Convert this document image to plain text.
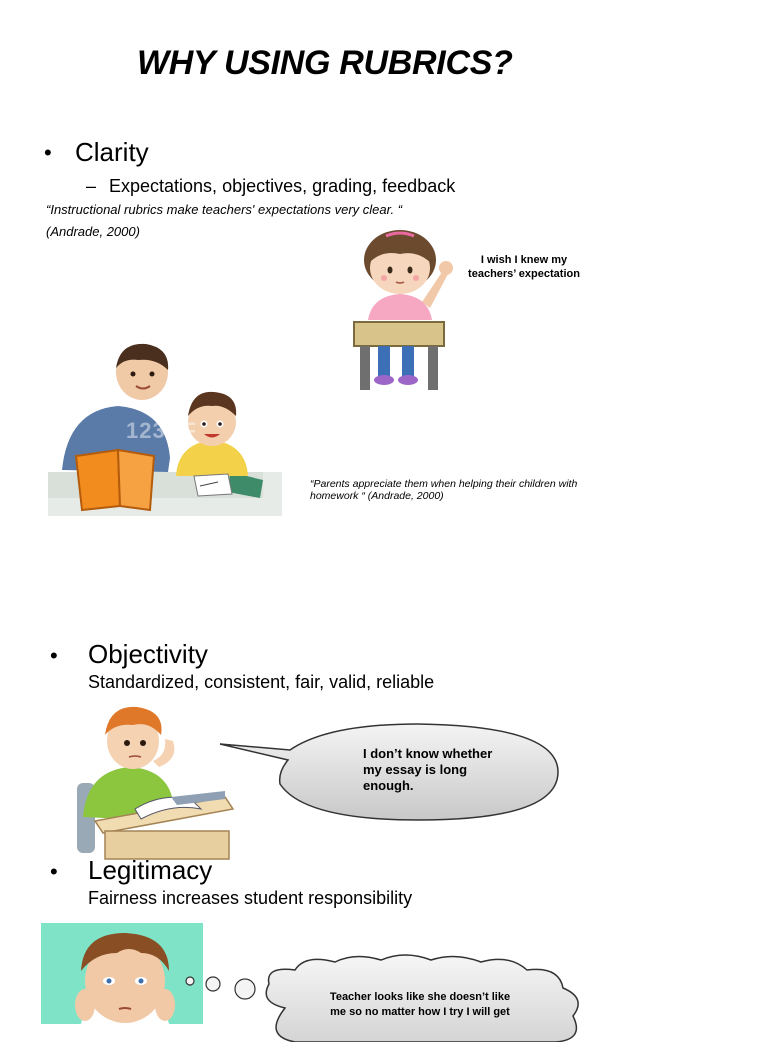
WHY USING RUBRICS?
• Clarity
– Expectations, objectives, grading, feedback
“Instructional rubrics make teachers' expectations very clear. “
(Andrade, 2000)
I wish I knew my
teachers’ expectation
123RF
“Parents appreciate them when helping their children with
homework “ (Andrade, 2000)
• Objectivity
Standardized, consistent, fair, valid, reliable
I don’t know whether
my essay is long
enough.
• Legitimacy
Fairness increases student responsibility
Teacher looks like she doesn’t like
me so no matter how I try I will get
